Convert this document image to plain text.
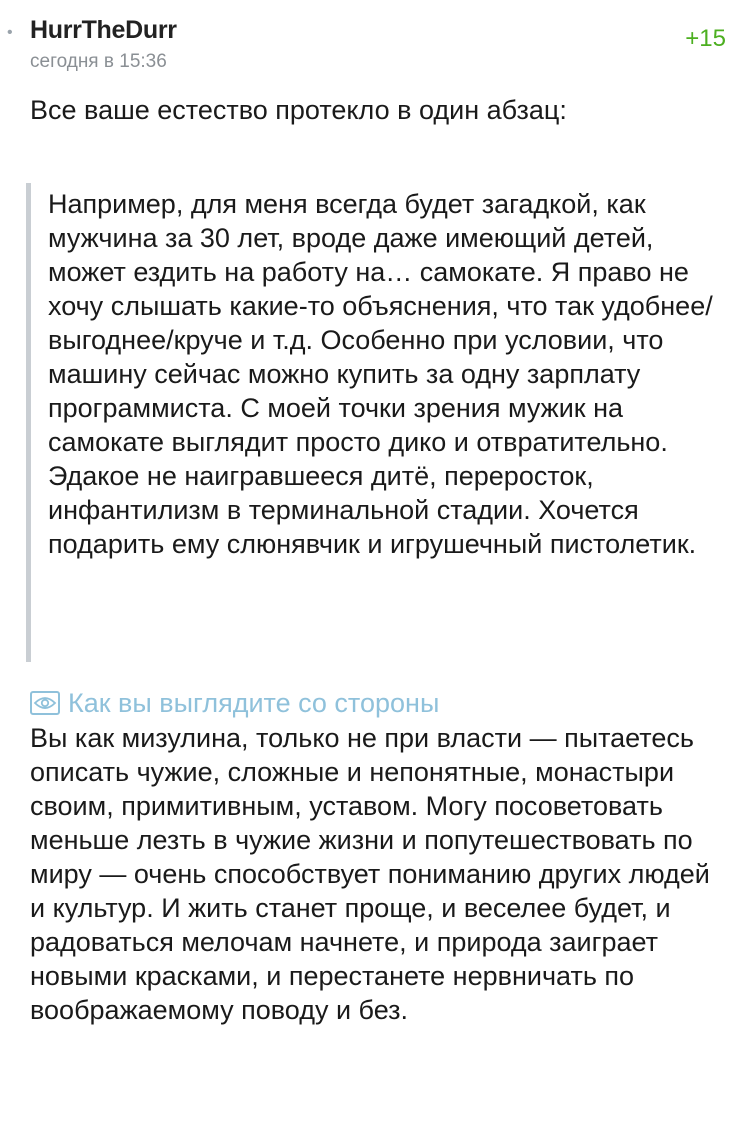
• HurrTheDurr
сегодня в 15:36
+15
Все ваше естество протекло в один абзац:
Например, для меня всегда будет загадкой, как мужчина за 30 лет, вроде даже имеющий детей, может ездить на работу на… самокате. Я право не хочу слышать какие-то объяснения, что так удобнее/ выгоднее/круче и т.д. Особенно при условии, что машину сейчас можно купить за одну зарплату программиста. С моей точки зрения мужик на самокате выглядит просто дико и отвратительно. Эдакое не наигравшееся дитё, переросток, инфантилизм в терминальной стадии. Хочется подарить ему слюнявчик и игрушечный пистолетик.
Как вы выглядите со стороны
Вы как мизулина, только не при власти — пытаетесь описать чужие, сложные и непонятные, монастыри своим, примитивным, уставом. Могу посоветовать меньше лезть в чужие жизни и попутешествовать по миру — очень способствует пониманию других людей и культур. И жить станет проще, и веселее будет, и радоваться мелочам начнете, и природа заиграет новыми красками, и перестанете нервничать по воображаемому поводу и без.
